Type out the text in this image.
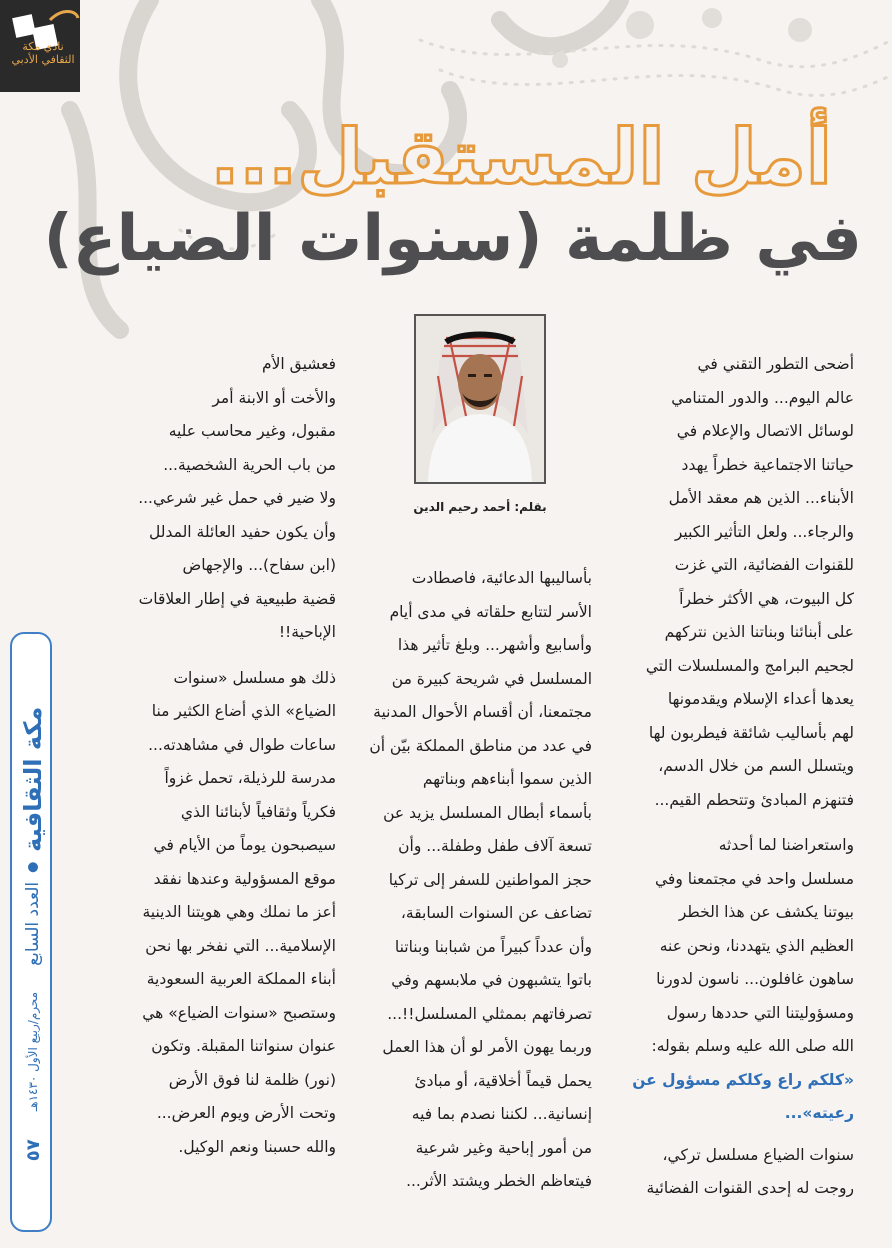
نادي مكة الثقافي الأدبي
أمل المستقبل...
في ظلمة (سنوات الضياع)
مكة الثقافية
العدد السابع
محرم/ربيع الأول ١٤٣٠هـ
٥٧
بقلم: أحمد رحيم الدين
أضحى التطور التقني في
عالم اليوم... والدور المتنامي
لوسائل الاتصال والإعلام في
حياتنا الاجتماعية خطراً يهدد
الأبناء... الذين هم معقد الأمل
والرجاء... ولعل التأثير الكبير
للقنوات الفضائية، التي غزت
كل البيوت، هي الأكثر خطراً
على أبنائنا وبناتنا الذين نتركهم
لجحيم البرامج والمسلسلات التي
يعدها أعداء الإسلام ويقدمونها
لهم بأساليب شائقة فيطربون لها
ويتسلل السم من خلال الدسم،
فتنهزم المبادئ وتتحطم القيم...
واستعراضنا لما أحدثه
مسلسل واحد في مجتمعنا وفي
بيوتنا يكشف عن هذا الخطر
العظيم الذي يتهددنا، ونحن عنه
ساهون غافلون... ناسون لدورنا
ومسؤوليتنا التي حددها رسول
الله صلى الله عليه وسلم بقوله:
«كلكم راع وكلكم مسؤول عن
رعيته»...
سنوات الضياع مسلسل تركي،
روجت له إحدى القنوات الفضائية
بأساليبها الدعائية، فاصطادت
الأسر لتتابع حلقاته في مدى أيام
وأسابيع وأشهر... وبلغ تأثير هذا
المسلسل في شريحة كبيرة من
مجتمعنا، أن أقسام الأحوال المدنية
في عدد من مناطق المملكة بيّن أن
الذين سموا أبناءهم وبناتهم
بأسماء أبطال المسلسل يزيد عن
تسعة آلاف طفل وطفلة... وأن
حجز المواطنين للسفر إلى تركيا
تضاعف عن السنوات السابقة،
وأن عدداً كبيراً من شبابنا وبناتنا
باتوا يتشبهون في ملابسهم وفي
تصرفاتهم بممثلي المسلسل!!...
وربما يهون الأمر لو أن هذا العمل
يحمل قيماً أخلاقية، أو مبادئ
إنسانية... لكننا نصدم بما فيه
من أمور إباحية وغير شرعية
فيتعاظم الخطر ويشتد الأثر...
فعشيق الأم
والأخت أو الابنة أمر
مقبول، وغير محاسب عليه
من باب الحرية الشخصية...
ولا ضير في حمل غير شرعي...
وأن يكون حفيد العائلة المدلل
(ابن سفاح)... والإجهاض
قضية طبيعية في إطار العلاقات
الإباحية!!
ذلك هو مسلسل «سنوات
الضياع» الذي أضاع الكثير منا
ساعات طوال في مشاهدته...
مدرسة للرذيلة، تحمل غزواً
فكرياً وثقافياً لأبنائنا الذي
سيصبحون يوماً من الأيام في
موقع المسؤولية وعندها نفقد
أعز ما نملك وهي هويتنا الدينية
الإسلامية... التي نفخر بها نحن
أبناء المملكة العربية السعودية
وستصبح «سنوات الضياع» هي
عنوان سنواتنا المقبلة. وتكون
(نور) ظلمة لنا فوق الأرض
وتحت الأرض ويوم العرض...
والله حسبنا ونعم الوكيل.
